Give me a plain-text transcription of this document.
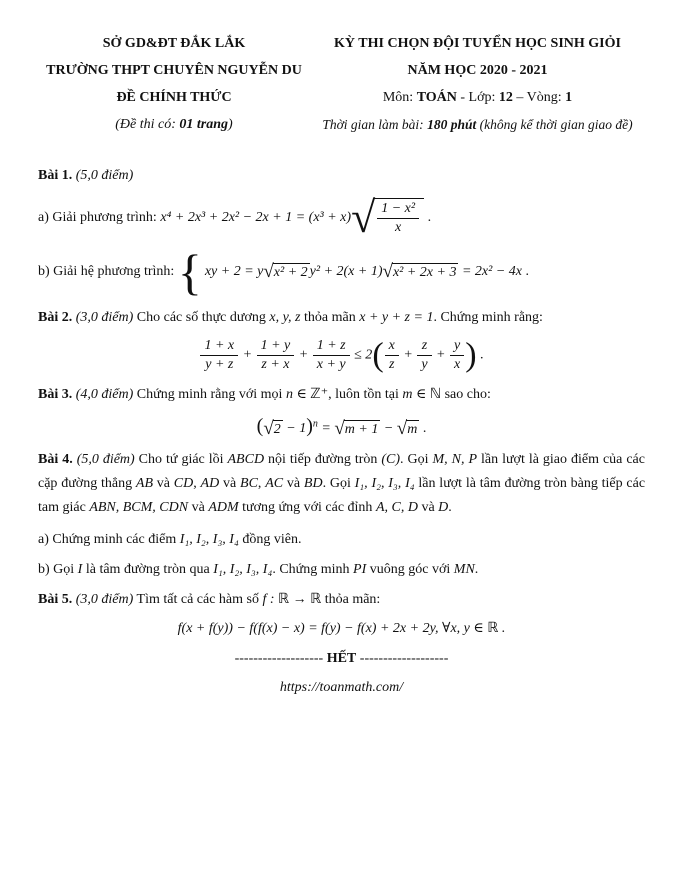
SỞ GD&ĐT ĐẮK LẮK
TRƯỜNG THPT CHUYÊN NGUYỄN DU
ĐỀ CHÍNH THỨC
(Đề thi có: 01 trang)
KỲ THI CHỌN ĐỘI TUYỂN HỌC SINH GIỎI
NĂM HỌC 2020 - 2021
Môn: TOÁN - Lớp: 12 – Vòng: 1
Thời gian làm bài: 180 phút (không kể thời gian giao đề)

Bài 1. (5,0 điểm)

a) Giải phương trình: x⁴ + 2x³ + 2x² − 2x + 1 = (x³ + x) √ $\frac{\text{1 − x²}}{x}$ .
b) Giải hệ phương trình: { xy + 2 = y √ x² + 2 y² + 2(x + 1) √ x² + 2x + 3 = 2x² − 4x .

Bài 2. (3,0 điểm) Cho các số thực dương x, y, z thỏa mãn x + y + z = 1. Chứng minh rằng:

$\frac{1 + x}{y + z} + \frac{1 + y}{z + x} + \frac{1 + z}{x + y} \le 2( \frac{x}{z} + \frac{z}{y} + \frac{y}{x}$ ) .

Bài 3. (4,0 điểm) Chứng minh rằng với mọi n ∈ ℤ⁺, luôn tồn tại m ∈ ℕ sao cho:

( √ 2 − 1)$^n$ = √ m + 1 − √ m .

Bài 4. (5,0 điểm) Cho tứ giác lồi ABCD nội tiếp đường tròn (C). Gọi M, N, P lần lượt là giao điểm của các cặp đường thẳng AB và CD, AD và BC, AC và BD. Gọi I₁, I₂, I₃, I₄ lần lượt là tâm đường tròn bàng tiếp các tam giác ABN, BCM, CDN và ADM tương ứng với các đỉnh A, C, D và D.

a) Chứng minh các điểm I₁, I₂, I₃, I₄ đồng viên.
b) Gọi I là tâm đường tròn qua I₁, I₂, I₃, I₄. Chứng minh PI vuông góc với MN.

Bài 5. (3,0 điểm) Tìm tất cả các hàm số f : ℝ → ℝ thỏa mãn:

f(x + f(y)) − f(f(x) − x) = f(y) − f(x) + 2x + 2y, ∀x, y ∈ ℝ .
------------------- HẾT -------------------
https://toanmath.com/
